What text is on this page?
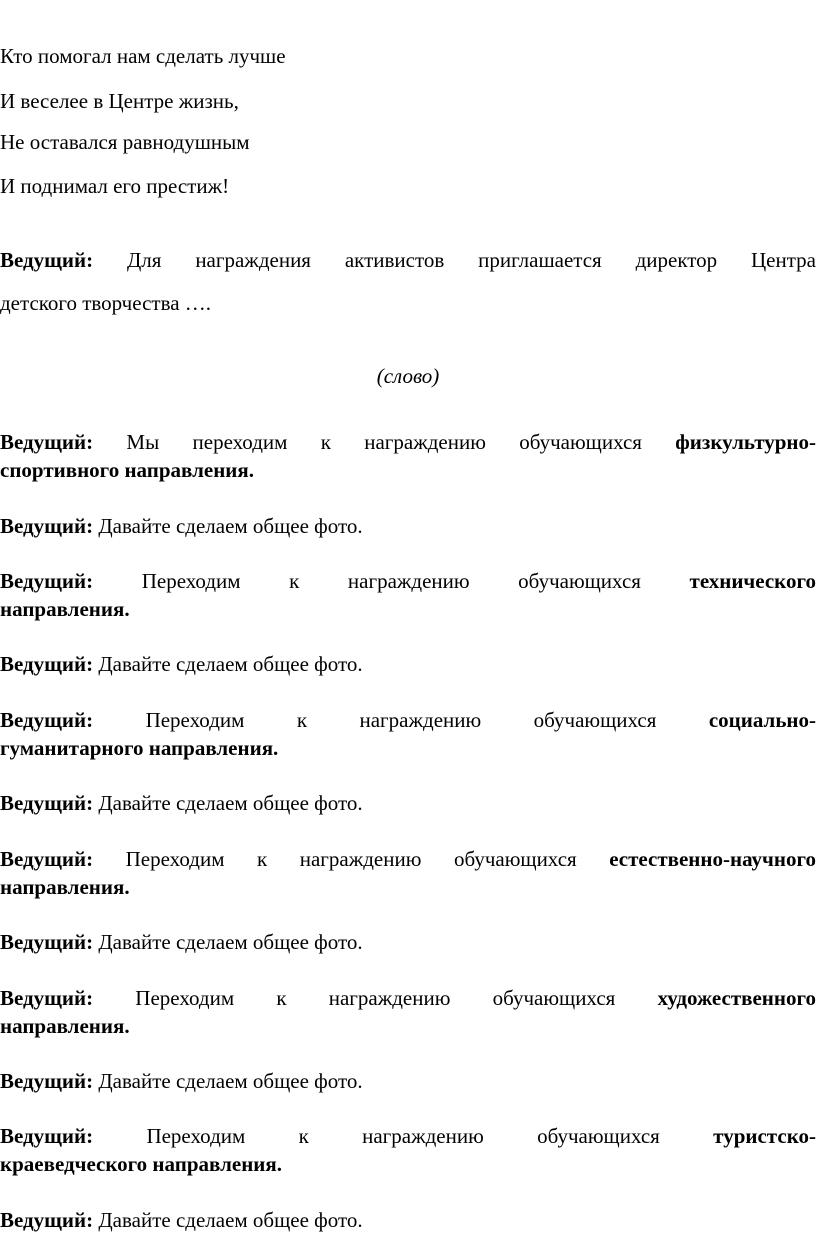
Кто помогал нам сделать лучше
И веселее в Центре жизнь,
Не оставался равнодушным
И поднимал его престиж!
Ведущий: Для награждения активистов приглашается директор Центра
детского творчества ….
(слово)
Ведущий: Мы переходим к награждению обучающихся физкультурно-
спортивного направления.
Ведущий: Давайте сделаем общее фото.
Ведущий: Переходим к награждению обучающихся технического
направления.
Ведущий: Давайте сделаем общее фото.
Ведущий: Переходим к награждению обучающихся социально-
гуманитарного направления.
Ведущий: Давайте сделаем общее фото.
Ведущий: Переходим к награждению обучающихся естественно-научного
направления.
Ведущий: Давайте сделаем общее фото.
Ведущий: Переходим к награждению обучающихся художественного
направления.
Ведущий: Давайте сделаем общее фото.
Ведущий:	Переходим к награждению обучающихся	туристско-
краеведческого направления.
Ведущий: Давайте сделаем общее фото.
